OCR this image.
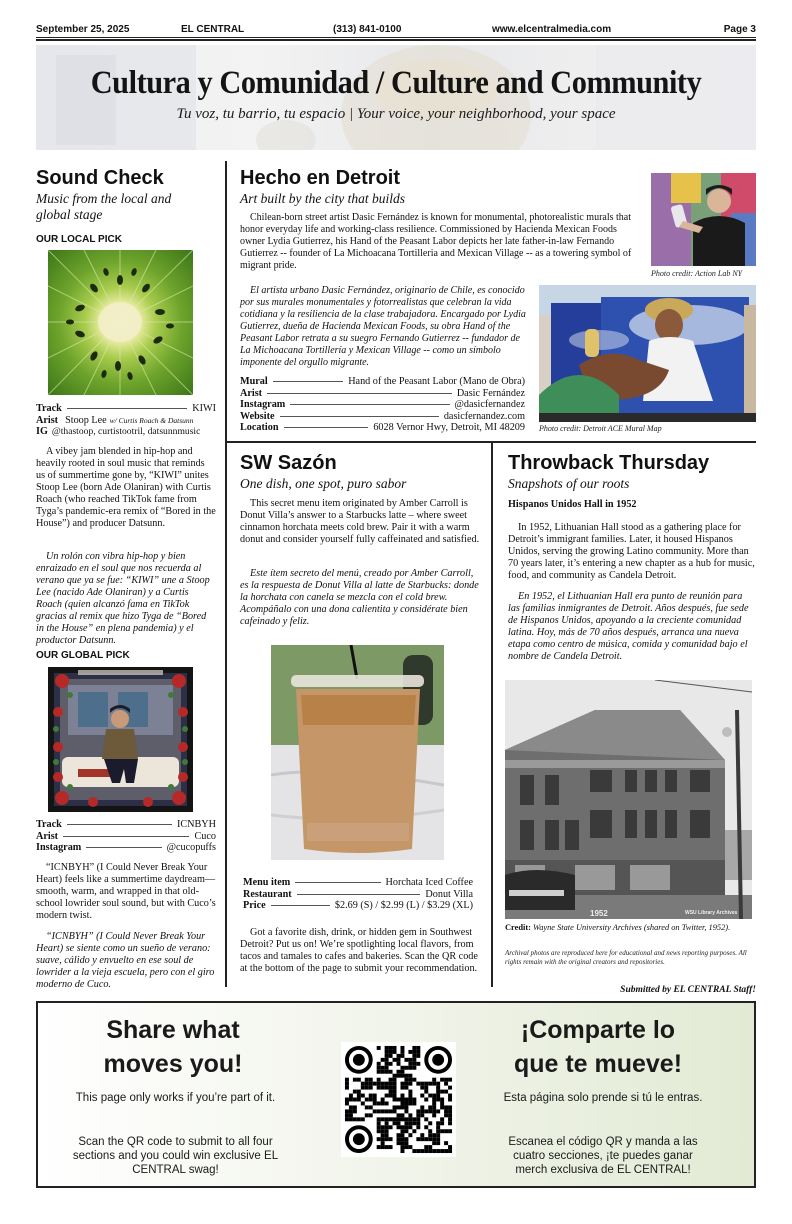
September 25, 2025	EL CENTRAL	(313) 841-0100	www.elcentralmedia.com	Page 3
Cultura y Comunidad / Culture and Community
Tu voz, tu barrio, tu espacio | Your voice, your neighborhood, your space
Sound Check
Music from the local and global stage
OUR LOCAL PICK
Track	KIWI
Arist Stoop Lee w/ Curtis Roach & Datsunn
IG @thastoop, curtistootril, datsunnmusic

A vibey jam blended in hip-hop and heavily rooted in soul music that reminds us of summertime gone by, “KIWI” unites Stoop Lee (born Ade Olaniran) with Curtis Roach (who reached TikTok fame from Tyga’s pandemic-era remix of “Bored in the House”) and producer Datsunn.

Un rolón con vibra hip-hop y bien enraizado en el soul que nos recuerda al verano que ya se fue: “KIWI” une a Stoop Lee (nacido Ade Olaniran) y a Curtis Roach (quien alcanzó fama en TikTok gracias al remix que hizo Tyga de “Bored in the House” en plena pandemia) y el productor Datsunn.

OUR GLOBAL PICK
Track	ICNBYH
Arist	Cuco
Instagram	@cucopuffs

“ICNBYH” (I Could Never Break Your Heart) feels like a summertime daydream—smooth, warm, and wrapped in that old-school lowrider soul sound, but with Cuco’s modern twist.

“ICNBYH” (I Could Never Break Your Heart) se siente como un sueño de verano: suave, cálido y envuelto en ese soul de lowrider a la vieja escuela, pero con el giro moderno de Cuco.

Hecho en Detroit
Art built by the city that builds

Chilean-born street artist Dasic Fernández is known for monumental, photorealistic murals that honor everyday life and working-class resilience. Commissioned by Hacienda Mexican Foods owner Lydia Gutierrez, his Hand of the Peasant Labor depicts her late father-in-law Fernando Gutierrez -- founder of La Michoacana Tortilleria and Mexican Village -- as a towering symbol of migrant pride.

El artista urbano Dasic Fernández, originario de Chile, es conocido por sus murales monumentales y fotorrealistas que celebran la vida cotidiana y la resiliencia de la clase trabajadora. Encargado por Lydia Gutierrez, dueña de Hacienda Mexican Foods, su obra Hand of the Peasant Labor retrata a su suegro Fernando Gutierrez -- fundador de La Michoacana Tortillería y Mexican Village -- como un símbolo imponente del orgullo migrante.

Mural	Hand of the Peasant Labor (Mano de Obra)
Arist	Dasic Fernández
Instagram	@dasicfernandez
Website	dasicfernandez.com
Location	6028 Vernor Hwy, Detroit, MI 48209
Photo credit: Action Lab NY
Photo credit: Detroit ACE Mural Map
SW Sazón
One dish, one spot, puro sabor

This secret menu item originated by Amber Carroll is Donut Villa’s answer to a Starbucks latte – where sweet cinnamon horchata meets cold brew. Pair it with a warm donut and consider yourself fully caffeinated and satisfied.

Este ítem secreto del menú, creado por Amber Carroll, es la respuesta de Donut Villa al latte de Starbucks: donde la horchata con canela se mezcla con el cold brew. Acompáñalo con una dona calientita y considérate bien cafeinado y feliz.

Menu item	Horchata Iced Coffee
Restaurant	Donut Villa
Price	$2.69 (S) / $2.99 (L) / $3.29 (XL)

Got a favorite dish, drink, or hidden gem in Southwest Detroit? Put us on! We’re spotlighting local flavors, from tacos and tamales to cafes and bakeries. Scan the QR code at the bottom of the page to submit your recommendation.

Throwback Thursday
Snapshots of our roots
Hispanos Unidos Hall in 1952

In 1952, Lithuanian Hall stood as a gathering place for Detroit’s immigrant families. Later, it housed Hispanos Unidos, serving the growing Latino community. More than 70 years later, it’s entering a new chapter as a hub for music, food, and community as Candela Detroit.

En 1952, el Lithuanian Hall era punto de reunión para las familias inmigrantes de Detroit. Años después, fue sede de Hispanos Unidos, apoyando a la creciente comunidad latina. Hoy, más de 70 años después, arranca una nueva etapa como centro de música, comida y comunidad bajo el nombre de Candela Detroit.

1952	WSU Library Archives
Credit: Wayne State University Archives (shared on Twitter, 1952).
Archival photos are reproduced here for educational and news reporting purposes. All rights remain with the original creators and repositories.
Submitted by EL CENTRAL Staff!
Share what
moves you!
This page only works if you’re part of it.
Scan the QR code to submit to all four sections and you could win exclusive EL CENTRAL swag!
¡Comparte lo
que te mueve!
Esta página solo prende si tú le entras.
Escanea el código QR y manda a las cuatro secciones, ¡te puedes ganar merch exclusiva de EL CENTRAL!
